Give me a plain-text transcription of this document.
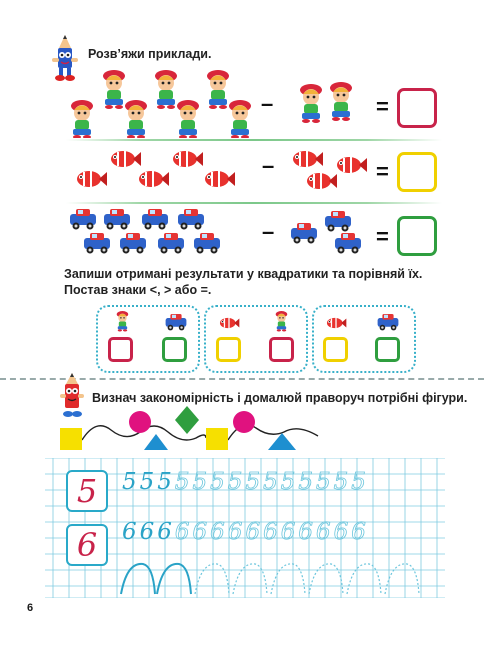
Розв’яжи приклади.
–	=
–	=
–	=
Запиши отримані результати у квадратики та порівняй їх. Постав знаки <, > або =.
Визнач закономірність і домалюй праворуч потрібні фігури.
5	55555555555555
6	66666666666666
6
